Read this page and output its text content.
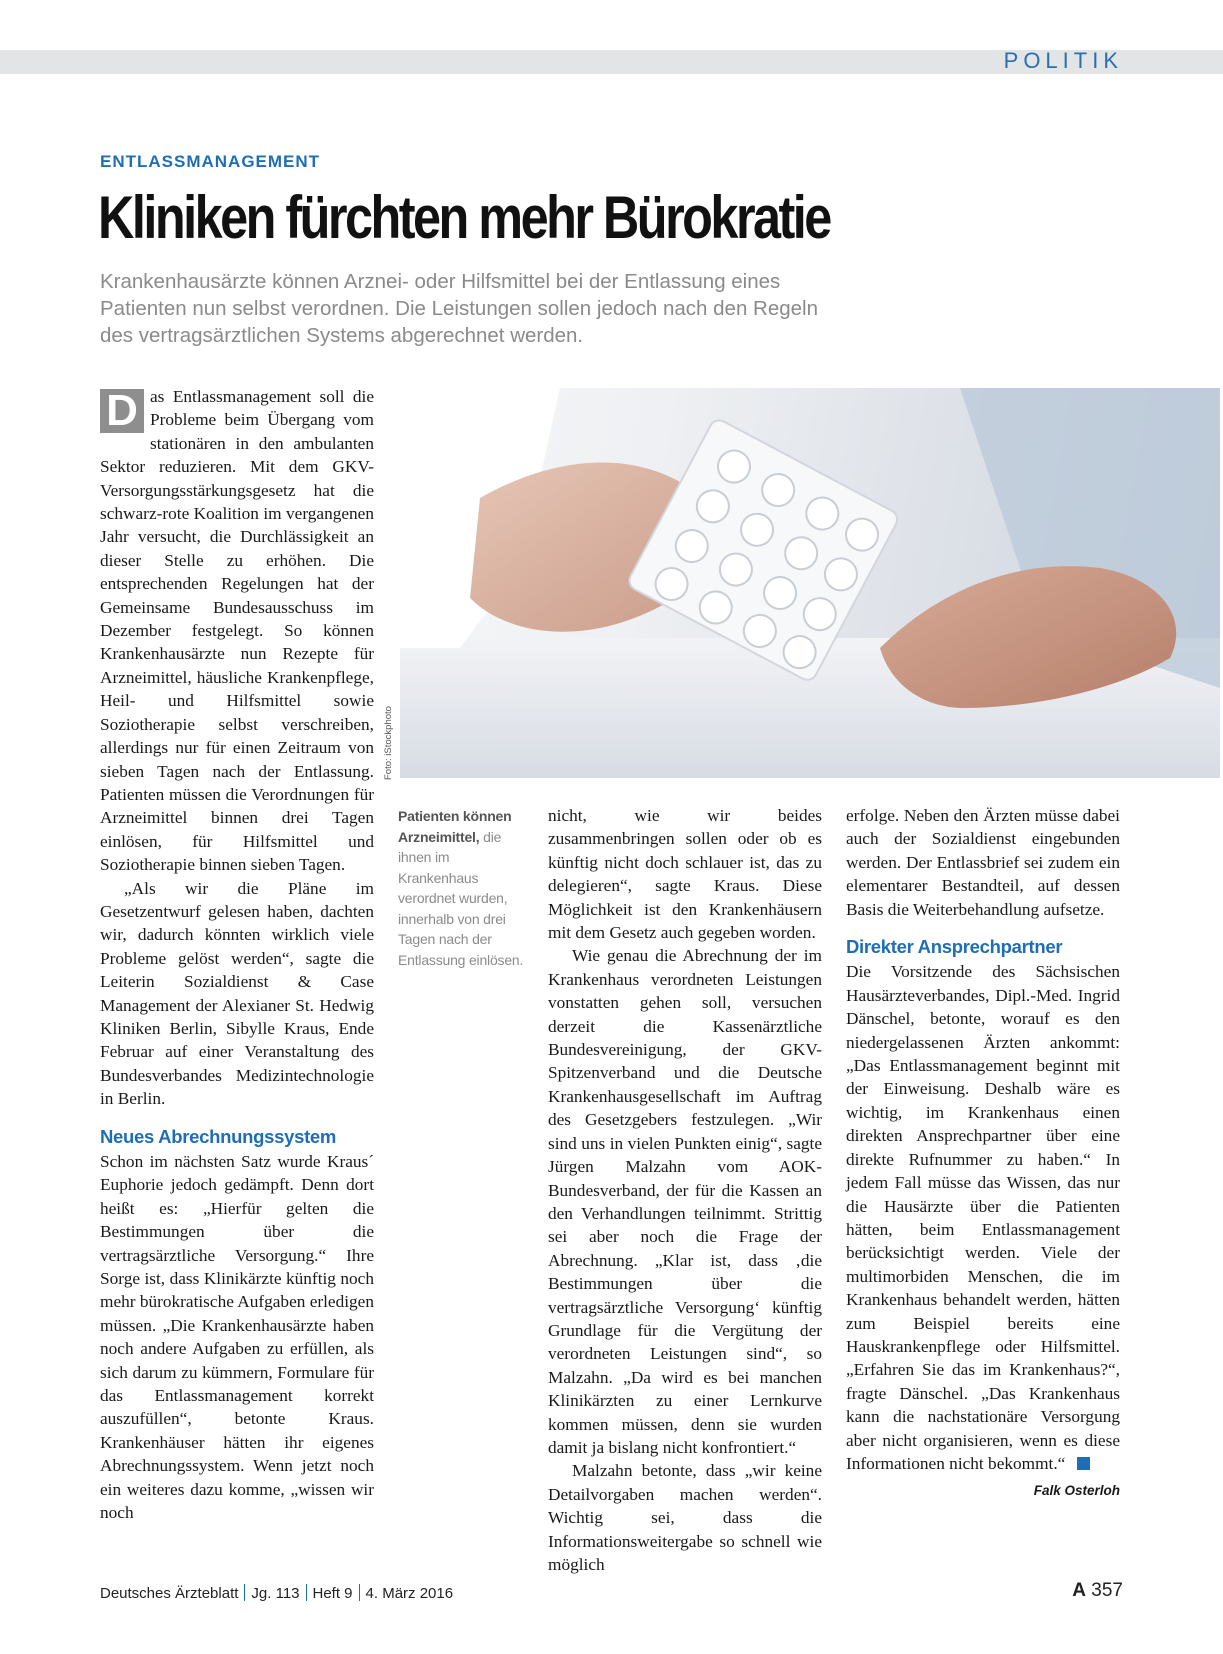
POLITIK
ENTLASSMANAGEMENT
Kliniken fürchten mehr Bürokratie

Krankenhausärzte können Arznei- oder Hilfsmittel bei der Entlassung eines

Patienten nun selbst verordnen. Die Leistungen sollen jedoch nach den Regeln

des vertragsärztlichen Systems abgerechnet werden.

D as Entlassmanagement soll die Probleme beim Übergang vom stationären in den ambulanten Sektor reduzieren. Mit dem GKV-Versorgungsstärkungsgesetz hat die schwarz-rote Koalition im vergangenen Jahr versucht, die Durchlässigkeit an dieser Stelle zu erhöhen. Die entsprechenden Regelungen hat der Gemeinsame Bundesausschuss im Dezember festgelegt. So können Krankenhausärzte nun Rezepte für Arzneimittel, häusliche Krankenpflege, Heil- und Hilfsmittel sowie Soziotherapie selbst verschreiben, allerdings nur für einen Zeitraum von sieben Tagen nach der Entlassung. Patienten müssen die Verordnungen für Arzneimittel binnen drei Tagen einlösen, für Hilfsmittel und Soziotherapie binnen sieben Tagen.

„Als wir die Pläne im Gesetzentwurf gelesen haben, dachten wir, dadurch könnten wirklich viele Probleme gelöst werden“, sagte die Leiterin Sozialdienst & Case Management der Alexianer St. Hedwig Kliniken Berlin, Sibylle Kraus, Ende Februar auf einer Veranstaltung des Bundesverbandes Medizintechnologie in Berlin.

Neues Abrechnungssystem

Schon im nächsten Satz wurde Kraus´ Euphorie jedoch gedämpft. Denn dort heißt es: „Hierfür gelten die Bestimmungen über die vertragsärztliche Versorgung.“ Ihre Sorge ist, dass Klinikärzte künftig noch mehr bürokratische Aufgaben erledigen müssen. „Die Krankenhausärzte haben noch andere Aufgaben zu erfüllen, als sich darum zu kümmern, Formulare für das Entlassmanagement korrekt auszufüllen“, betonte Kraus. Krankenhäuser hätten ihr eigenes Abrechnungssystem. Wenn jetzt noch ein weiteres dazu komme, „wissen wir noch

Foto: iStockphoto
Patienten können Arzneimittel, die ihnen im Krankenhaus verordnet wurden, innerhalb von drei Tagen nach der Entlassung einlösen.

nicht, wie wir beides zusammenbringen sollen oder ob es künftig nicht doch schlauer ist, das zu delegieren“, sagte Kraus. Diese Möglichkeit ist den Krankenhäusern mit dem Gesetz auch gegeben worden.

Wie genau die Abrechnung der im Krankenhaus verordneten Leistungen vonstatten gehen soll, versuchen derzeit die Kassenärztliche Bundesvereinigung, der GKV-Spitzenverband und die Deutsche Krankenhausgesellschaft im Auftrag des Gesetzgebers festzulegen. „Wir sind uns in vielen Punkten einig“, sagte Jürgen Malzahn vom AOK-Bundesverband, der für die Kassen an den Verhandlungen teilnimmt. Strittig sei aber noch die Frage der Abrechnung. „Klar ist, dass ‚die Bestimmungen über die vertragsärztliche Versorgung‘ künftig Grundlage für die Vergütung der verordneten Leistungen sind“, so Malzahn. „Da wird es bei manchen Klinikärzten zu einer Lernkurve kommen müssen, denn sie wurden damit ja bislang nicht konfrontiert.“

Malzahn betonte, dass „wir keine Detailvorgaben machen werden“. Wichtig sei, dass die Informationsweitergabe so schnell wie möglich

erfolge. Neben den Ärzten müsse dabei auch der Sozialdienst eingebunden werden. Der Entlassbrief sei zudem ein elementarer Bestandteil, auf dessen Basis die Weiterbehandlung aufsetze.

Direkter Ansprechpartner

Die Vorsitzende des Sächsischen Hausärzteverbandes, Dipl.-Med. Ingrid Dänschel, betonte, worauf es den niedergelassenen Ärzten ankommt: „Das Entlassmanagement beginnt mit der Einweisung. Deshalb wäre es wichtig, im Krankenhaus einen direkten Ansprechpartner über eine direkte Rufnummer zu haben.“ In jedem Fall müsse das Wissen, das nur die Hausärzte über die Patienten hätten, beim Entlassmanagement berücksichtigt werden. Viele der multimorbiden Menschen, die im Krankenhaus behandelt werden, hätten zum Beispiel bereits eine Hauskrankenpflege oder Hilfsmittel. „Erfahren Sie das im Krankenhaus?“, fragte Dänschel. „Das Krankenhaus kann die nachstationäre Versorgung aber nicht organisieren, wenn es diese Informationen nicht bekommt.“

Falk Osterloh
Deutsches Ärzteblatt Jg. 113 Heft 9 4. März 2016	A 357
